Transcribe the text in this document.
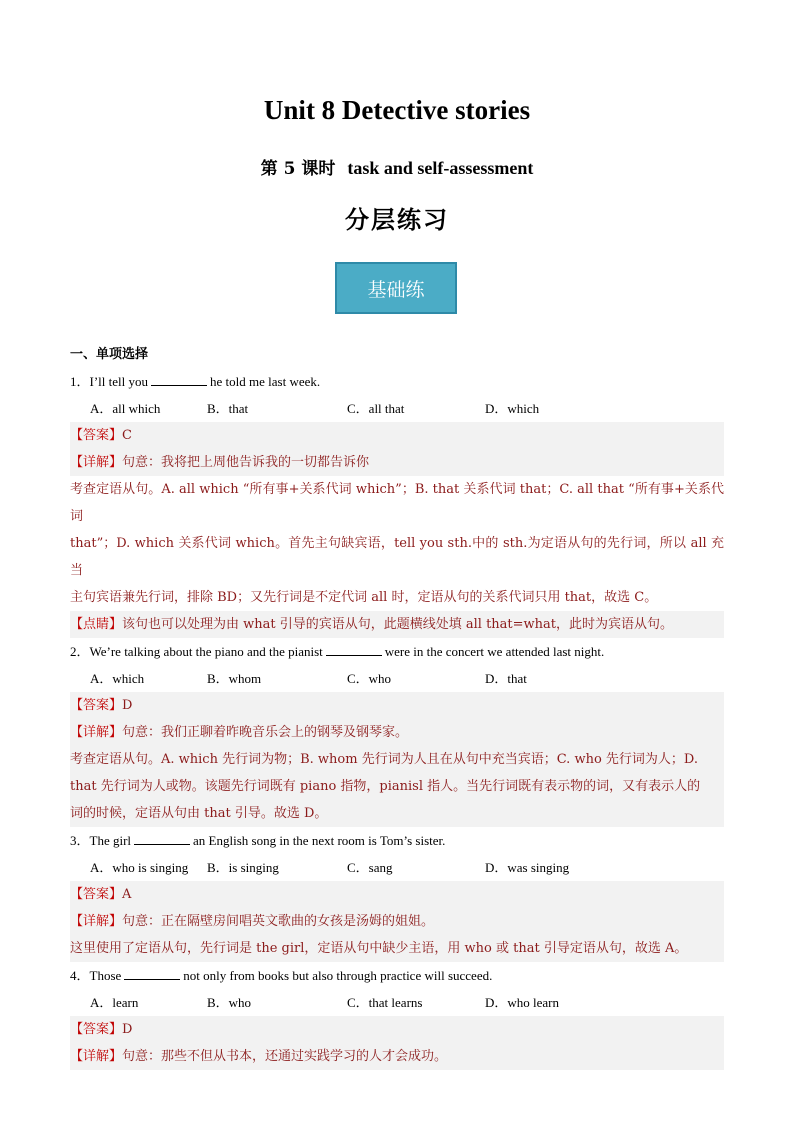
Unit 8 Detective stories
第 5 课时 task and self-assessment
分层练习
基础练
一、单项选择
1．I’ll tell you	he told me last week.
A．all which	B．that	C．all that	D．which
【答案】C
【详解】句意：我将把上周他告诉我的一切都告诉你
考查定语从句。A. all which “所有事+关系代词 which”；B. that 关系代词 that；C. all that “所有事+关系代词
that”；D. which 关系代词 which。首先主句缺宾语，tell you sth.中的 sth.为定语从句的先行词，所以 all 充当
主句宾语兼先行词，排除 BD；又先行词是不定代词 all 时，定语从句的关系代词只用 that，故选 C。
【点睛】该句也可以处理为由 what 引导的宾语从句，此题横线处填 all that=what，此时为宾语从句。
2．We’re talking about the piano and the pianist	were in the concert we attended last night.
A．which	B．whom	C．who	D．that
【答案】D
【详解】句意：我们正聊着昨晚音乐会上的钢琴及钢琴家。
考查定语从句。A. which 先行词为物；B. whom 先行词为人且在从句中充当宾语；C. who 先行词为人；D.
that 先行词为人或物。该题先行词既有 piano 指物，pianisl 指人。当先行词既有表示物的词，又有表示人的
词的时候，定语从句由 that 引导。故选 D。
3．The girl	an English song in the next room is Tom’s sister.
A．who is singing	B．is singing	C．sang	D．was singing
【答案】A
【详解】句意：正在隔壁房间唱英文歌曲的女孩是汤姆的姐姐。
这里使用了定语从句，先行词是 the girl，定语从句中缺少主语，用 who 或 that 引导定语从句，故选 A。
4．Those	not only from books but also through practice will succeed.
A．learn	B．who	C．that learns	D．who learn
【答案】D
【详解】句意：那些不但从书本，还通过实践学习的人才会成功。
